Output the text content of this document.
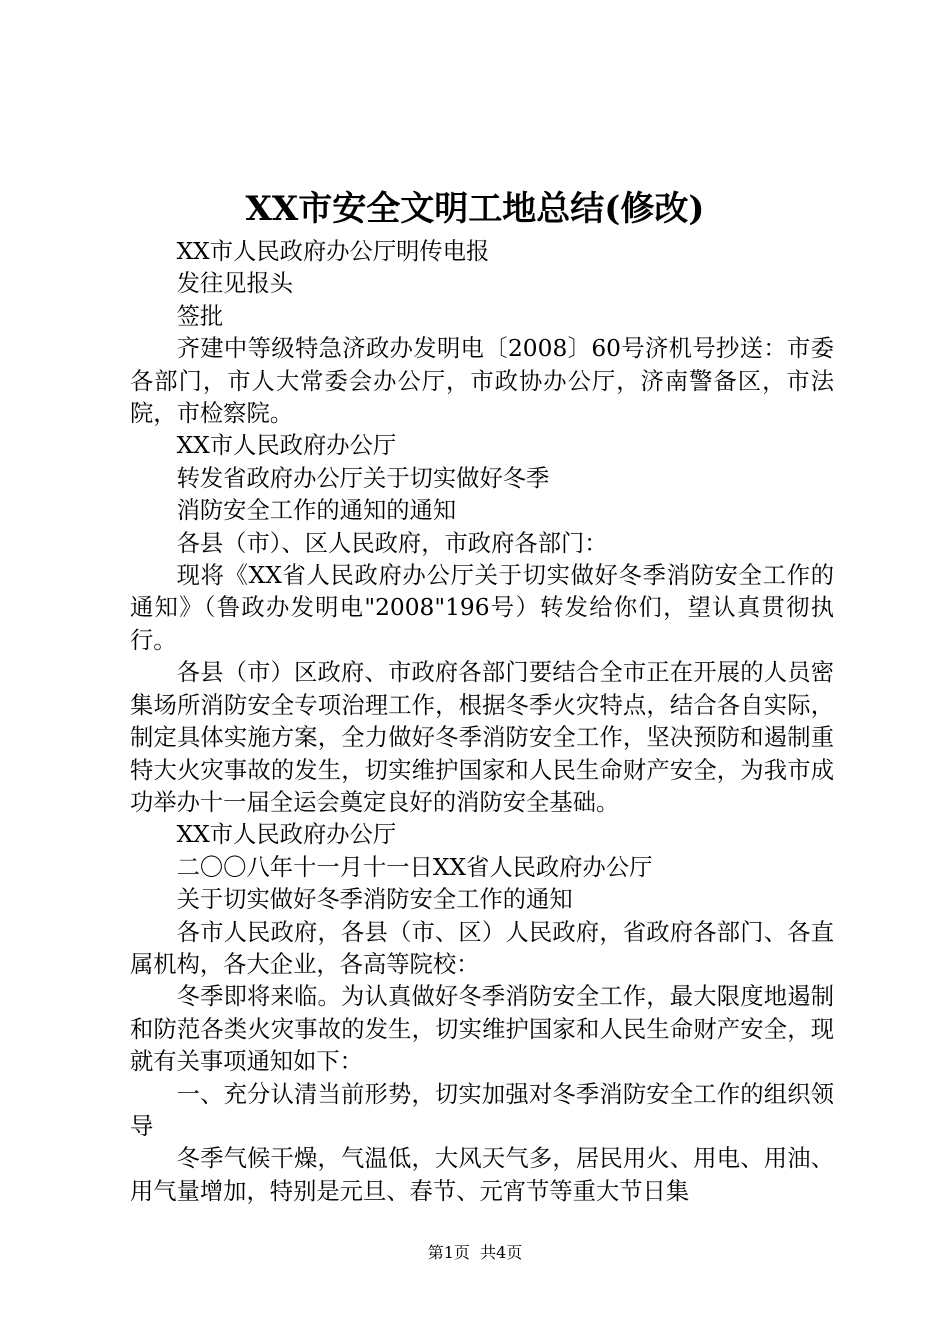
XX市安全文明工地总结(修改)

XX市人民政府办公厅明传电报

发往见报头

签批

齐建中等级特急济政办发明电〔2008〕60号济机号抄送：市委各部门，市人大常委会办公厅，市政协办公厅，济南警备区，市法院，市检察院。

XX市人民政府办公厅

转发省政府办公厅关于切实做好冬季

消防安全工作的通知的通知

各县（市）、区人民政府，市政府各部门：

现将《XX省人民政府办公厅关于切实做好冬季消防安全工作的通知》（鲁政办发明电"2008"196号）转发给你们，望认真贯彻执行。

各县（市）区政府、市政府各部门要结合全市正在开展的人员密集场所消防安全专项治理工作，根据冬季火灾特点，结合各自实际，制定具体实施方案，全力做好冬季消防安全工作，坚决预防和遏制重特大火灾事故的发生，切实维护国家和人民生命财产安全，为我市成功举办十一届全运会奠定良好的消防安全基础。

XX市人民政府办公厅

二〇〇八年十一月十一日XX省人民政府办公厅

关于切实做好冬季消防安全工作的通知

各市人民政府，各县（市、区）人民政府，省政府各部门、各直属机构，各大企业，各高等院校：

冬季即将来临。为认真做好冬季消防安全工作，最大限度地遏制和防范各类火灾事故的发生，切实维护国家和人民生命财产安全，现就有关事项通知如下：

一、充分认清当前形势，切实加强对冬季消防安全工作的组织领导

冬季气候干燥，气温低，大风天气多，居民用火、用电、用油、用气量增加，特别是元旦、春节、元宵节等重大节日集

第1页 共4页
